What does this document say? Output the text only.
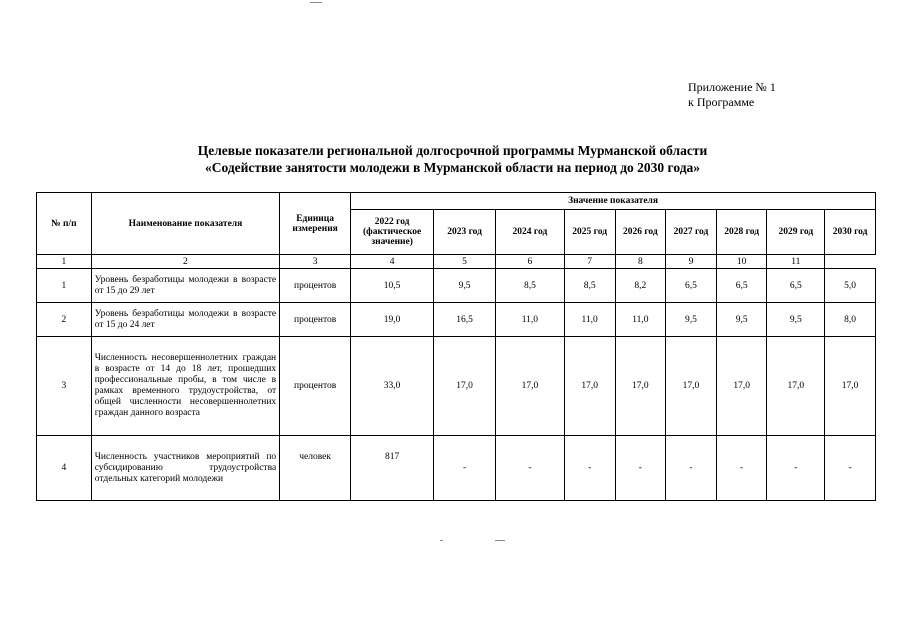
Приложение № 1
к Программе
Целевые показатели региональной долгосрочной программы Мурманской области
«Содействие занятости молодежи в Мурманской области на период до 2030 года»
№ п/п	Наименование показателя	Единица измерения	Значение показателя								
			2022 год (фактическое значение)	2023 год	2024 год	2025 год	2026 год	2027 год	2028 год	2029 год	2030 год
1	2	3	4	5	6	7	8	9	10	11	
1	Уровень безработицы молодежи в возрасте от 15 до 29 лет	процентов	10,5	9,5	8,5	8,5	8,2	6,5	6,5	6,5	5,0
2	Уровень безработицы молодежи в возрасте от 15 до 24 лет	процентов	19,0	16,5	11,0	11,0	11,0	9,5	9,5	9,5	8,0
3	Численность несовершеннолетних граждан в возрасте от 14 до 18 лет, прошедших профессиональные пробы, в том числе в рамках временного трудоустройства, от общей численности несовершеннолетних граждан данного возраста	процентов	33,0	17,0	17,0	17,0	17,0	17,0	17,0	17,0	17,0
4	Численность участников мероприятий по субсидированию трудоустройства отдельных категорий молодежи	человек	817	-	-	-	-	-	-	-	-
